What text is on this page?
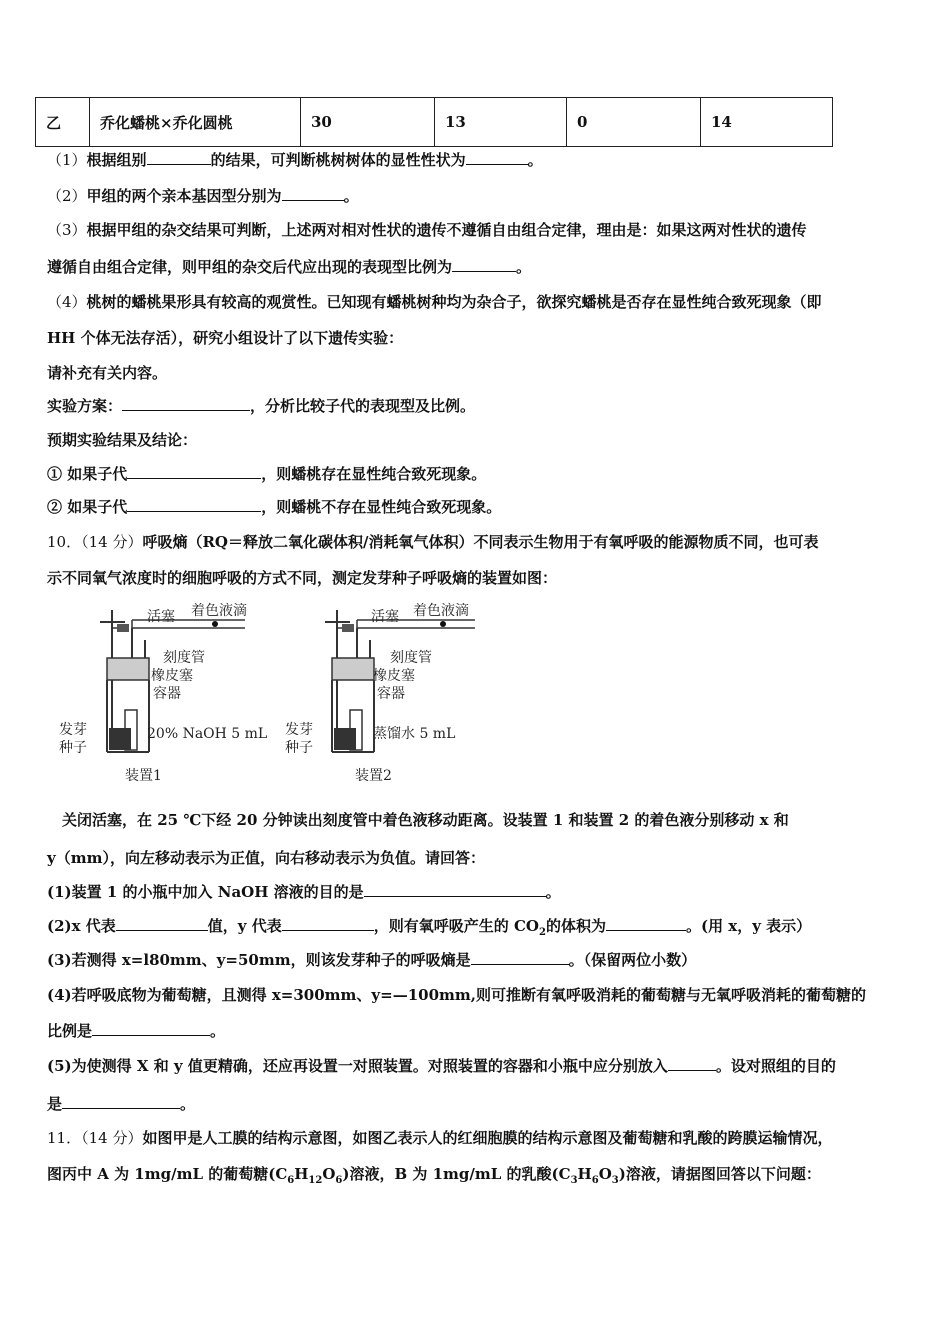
乙	乔化蟠桃×乔化圆桃	30	13	0	14
（1）根据组别	的结果，可判断桃树树体的显性性状为	。
（2）甲组的两个亲本基因型分别为	。
（3）根据甲组的杂交结果可判断，上述两对相对性状的遗传不遵循自由组合定律，理由是：如果这两对性状的遗传
遵循自由组合定律，则甲组的杂交后代应出现的表现型比例为	。
（4）桃树的蟠桃果形具有较高的观赏性。已知现有蟠桃树种均为杂合子，欲探究蟠桃是否存在显性纯合致死现象（即
HH 个体无法存活），研究小组设计了以下遗传实验：
请补充有关内容。
实验方案：	，分析比较子代的表现型及比例。
预期实验结果及结论：
① 如果子代	，则蟠桃存在显性纯合致死现象。
② 如果子代	，则蟠桃不存在显性纯合致死现象。
10．（14 分）呼吸熵（RQ＝释放二氧化碳体积/消耗氧气体积）不同表示生物用于有氧呼吸的能源物质不同，也可表
示不同氧气浓度时的细胞呼吸的方式不同，测定发芽种子呼吸熵的装置如图：
活塞 着色液滴
刻度管
橡皮塞
容器
发芽
种子
20% NaOH 5 mL
装置1
活塞 着色液滴
刻度管
橡皮塞
容器
发芽
种子
蒸馏水 5 mL
装置2
关闭活塞，在 25 ℃下经 20 分钟读出刻度管中着色液移动距离。设装置 1 和装置 2 的着色液分别移动 x 和
y（mm），向左移动表示为正值，向右移动表示为负值。请回答：
(1)装置 1 的小瓶中加入 NaOH 溶液的目的是	。
(2)x 代表	值，y 代表	，则有氧呼吸产生的 $CO_2$的体积为	。(用 x，y 表示）
(3)若测得 x=l80mm、y=50mm，则该发芽种子的呼吸熵是	。（保留两位小数）
(4)若呼吸底物为葡萄糖，且测得 x=300mm、y=—100mm,则可推断有氧呼吸消耗的葡萄糖与无氧呼吸消耗的葡萄糖的
比例是	。
(5)为使测得 X 和 y 值更精确，还应再设置一对照装置。对照装置的容器和小瓶中应分别放入	。设对照组的目的
是	。
11．（14 分）如图甲是人工膜的结构示意图，如图乙表示人的红细胞膜的结构示意图及葡萄糖和乳酸的跨膜运输情况，
图丙中 A 为 1mg/mL 的葡萄糖$(C_6H_{12}O_6)$溶液，B 为 1mg/mL 的乳酸$(C_3H_6O_3)$溶液，请据图回答以下问题：
